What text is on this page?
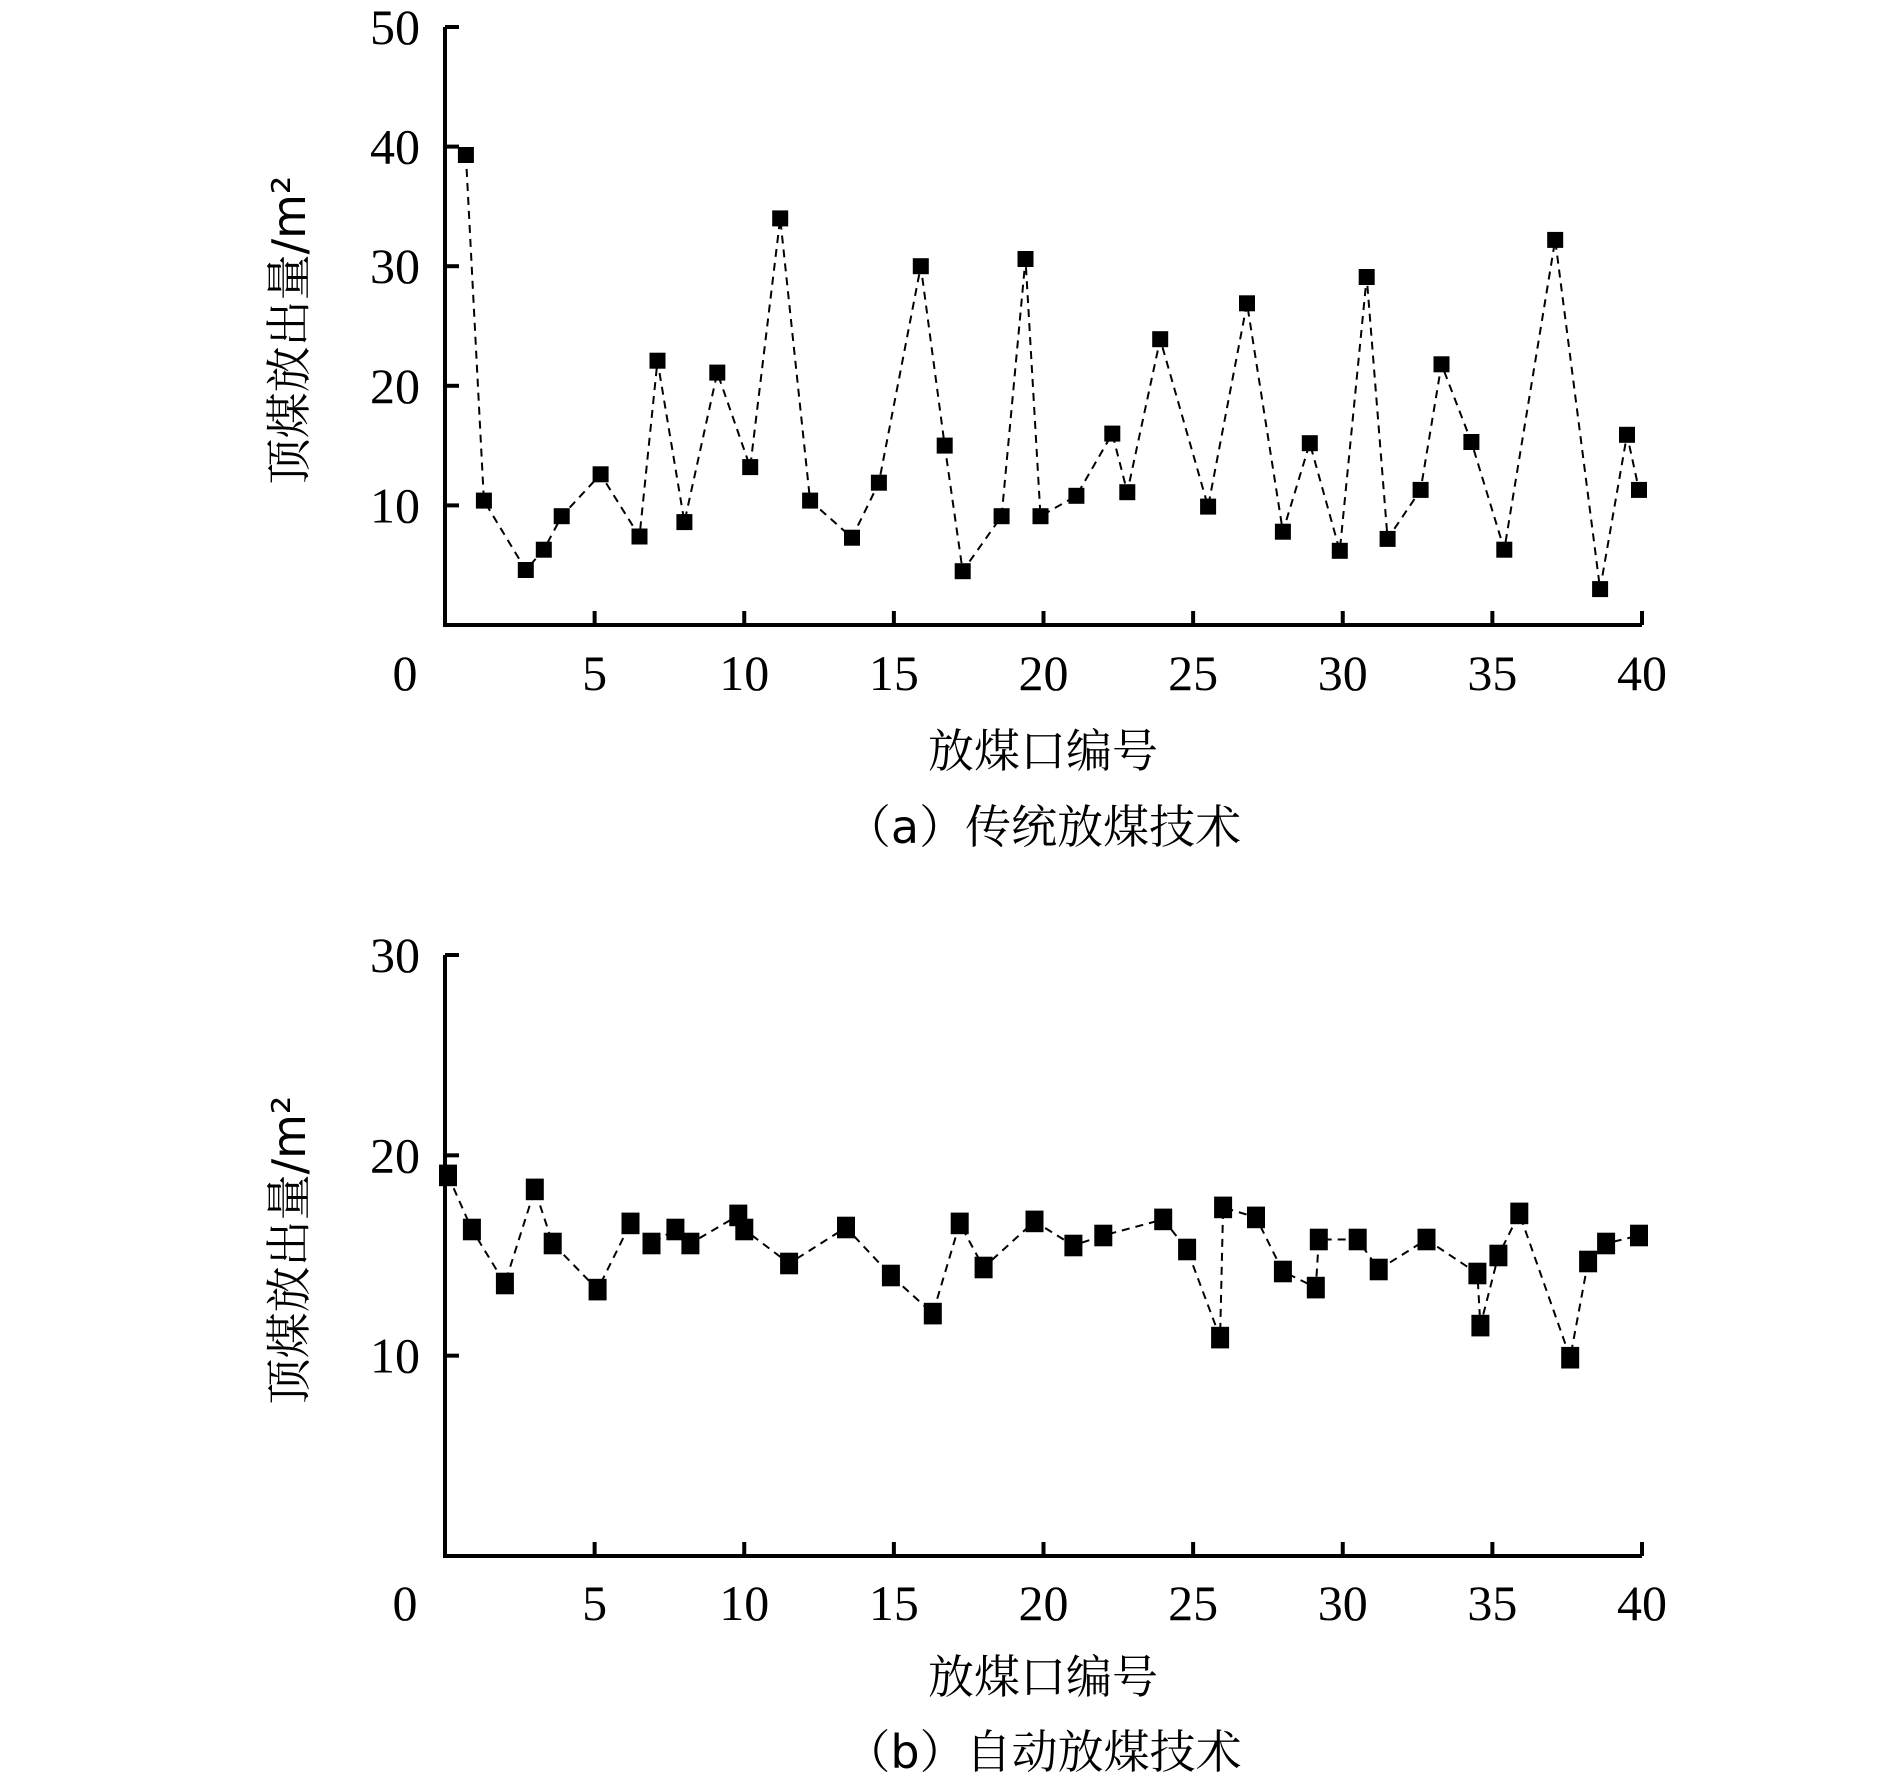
0	5 10 15 20 25 30 35 40
10
20
30
40
50
放煤口编号
顶煤放出量/m²
（a）传统放煤技术
0	5 10 15 20 25 30 35 40
10
20
30
放煤口编号
顶煤放出量/m²
（b）自动放煤技术
